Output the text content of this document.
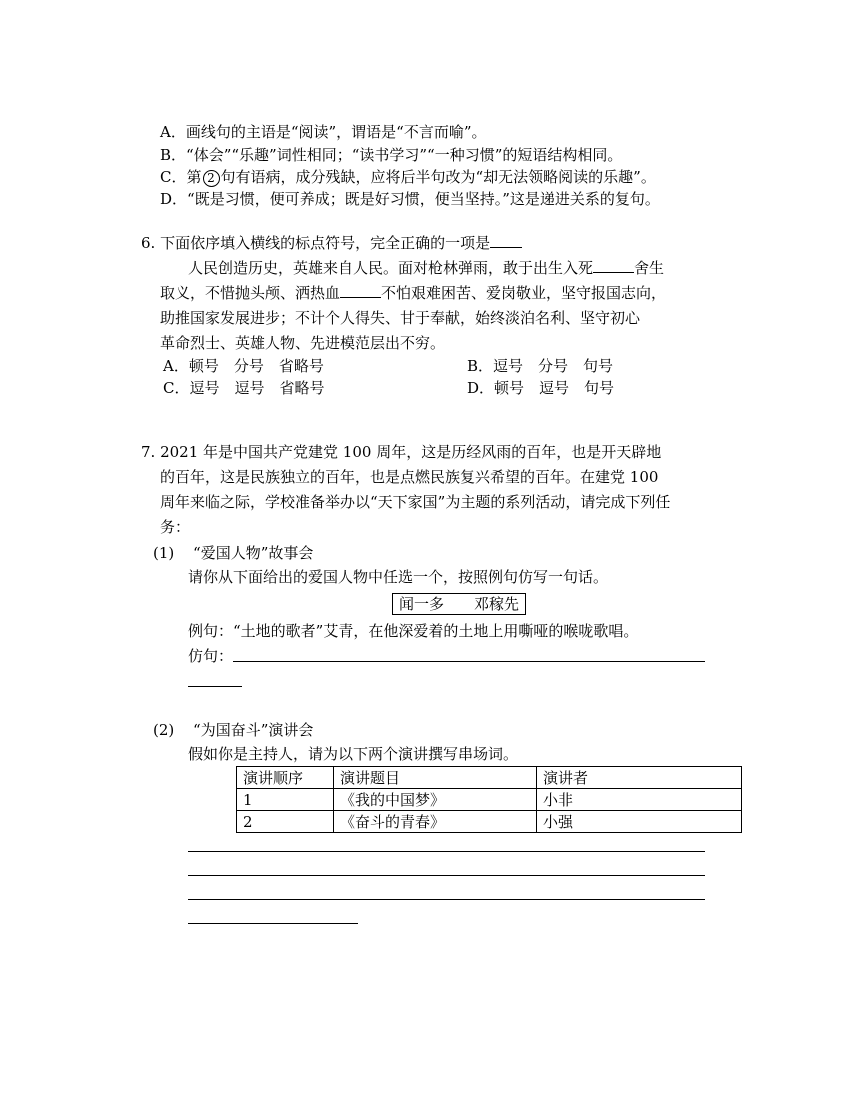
A．画线句的主语是“阅读”，谓语是“不言而喻”。
B．“体会”“乐趣”词性相同；“读书学习”“一种习惯”的短语结构相同。
C．第 2 句有语病，成分残缺，应将后半句改为“却无法领略阅读的乐趣”。
D．“既是习惯，便可养成；既是好习惯，便当坚持。”这是递进关系的复句。
6. 下面依序填入横线的标点符号，完全正确的一项是
人民创造历史，英雄来自人民。面对枪林弹雨，敢于出生入死	舍生
取义，不惜抛头颅、洒热血	不怕艰难困苦、爱岗敬业，坚守报国志向，
助推国家发展进步；不计个人得失、甘于奉献，始终淡泊名利、坚守初心
革命烈士、英雄人物、先进模范层出不穷。
A．顿号　分号　省略号	B．逗号　分号　句号
C．逗号　逗号　省略号	D．顿号　逗号　句号
7. 2021 年是中国共产党建党 100 周年，这是历经风雨的百年，也是开天辟地
的百年，这是民族独立的百年，也是点燃民族复兴希望的百年。在建党 100
周年来临之际，学校准备举办以“天下家国”为主题的系列活动，请完成下列任
务：
(1) “爱国人物”故事会
请你从下面给出的爱国人物中任选一个，按照例句仿写一句话。
闻一多　　邓稼先
例句：“土地的歌者”艾青，在他深爱着的土地上用嘶哑的喉咙歌唱。
仿句：
(2) “为国奋斗”演讲会
假如你是主持人，请为以下两个演讲撰写串场词。
演讲顺序	演讲题目	演讲者
1	《我的中国梦》	小非
2	《奋斗的青春》	小强
